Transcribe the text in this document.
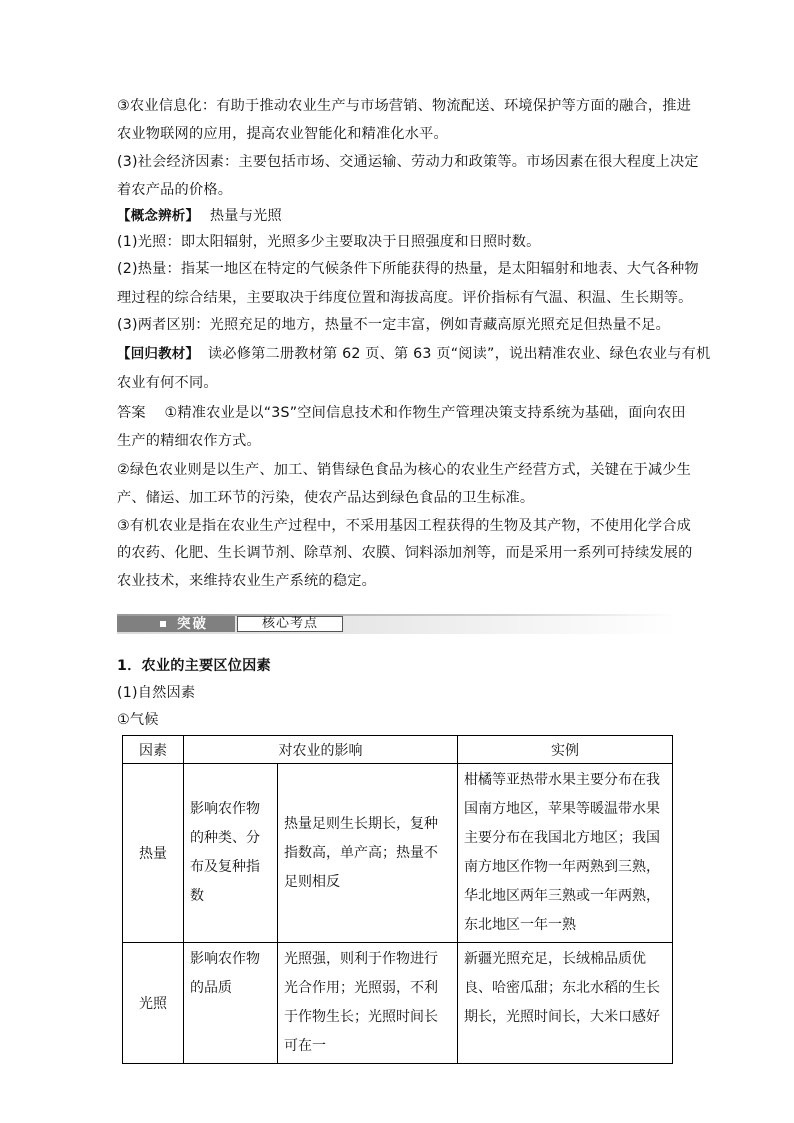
③农业信息化：有助于推动农业生产与市场营销、物流配送、环境保护等方面的融合，推进
农业物联网的应用，提高农业智能化和精准化水平。
(3)社会经济因素：主要包括市场、交通运输、劳动力和政策等。市场因素在很大程度上决定
着农产品的价格。
【概念辨析】 热量与光照
(1)光照：即太阳辐射，光照多少主要取决于日照强度和日照时数。
(2)热量：指某一地区在特定的气候条件下所能获得的热量，是太阳辐射和地表、大气各种物
理过程的综合结果，主要取决于纬度位置和海拔高度。评价指标有气温、积温、生长期等。
(3)两者区别：光照充足的地方，热量不一定丰富，例如青藏高原光照充足但热量不足。
【回归教材】 读必修第二册教材第 62 页、第 63 页“阅读”，说出精准农业、绿色农业与有机
农业有何不同。
答案 ①精准农业是以“3S”空间信息技术和作物生产管理决策支持系统为基础，面向农田
生产的精细农作方式。
②绿色农业则是以生产、加工、销售绿色食品为核心的农业生产经营方式，关键在于减少生
产、储运、加工环节的污染，使农产品达到绿色食品的卫生标准。
③有机农业是指在农业生产过程中，不采用基因工程获得的生物及其产物，不使用化学合成
的农药、化肥、生长调节剂、除草剂、农膜、饲料添加剂等，而是采用一系列可持续发展的
农业技术，来维持农业生产系统的稳定。
突破	核心考点
1．农业的主要区位因素
(1)自然因素
①气候
因素	对农业的影响		实例
热量	影响农作物的种类、分布及复种指数	热量足则生长期长，复种指数高，单产高；热量不足则相反	柑橘等亚热带水果主要分布在我国南方地区，苹果等暖温带水果主要分布在我国北方地区；我国南方地区作物一年两熟到三熟，华北地区两年三熟或一年两熟，东北地区一年一熟

光照	影响农作物的品质	光照强，则利于作物进行光合作用；光照弱，不利于作物生长；光照时间长可在一	新疆光照充足，长绒棉品质优良、哈密瓜甜；东北水稻的生长期长，光照时间长，大米口感好
